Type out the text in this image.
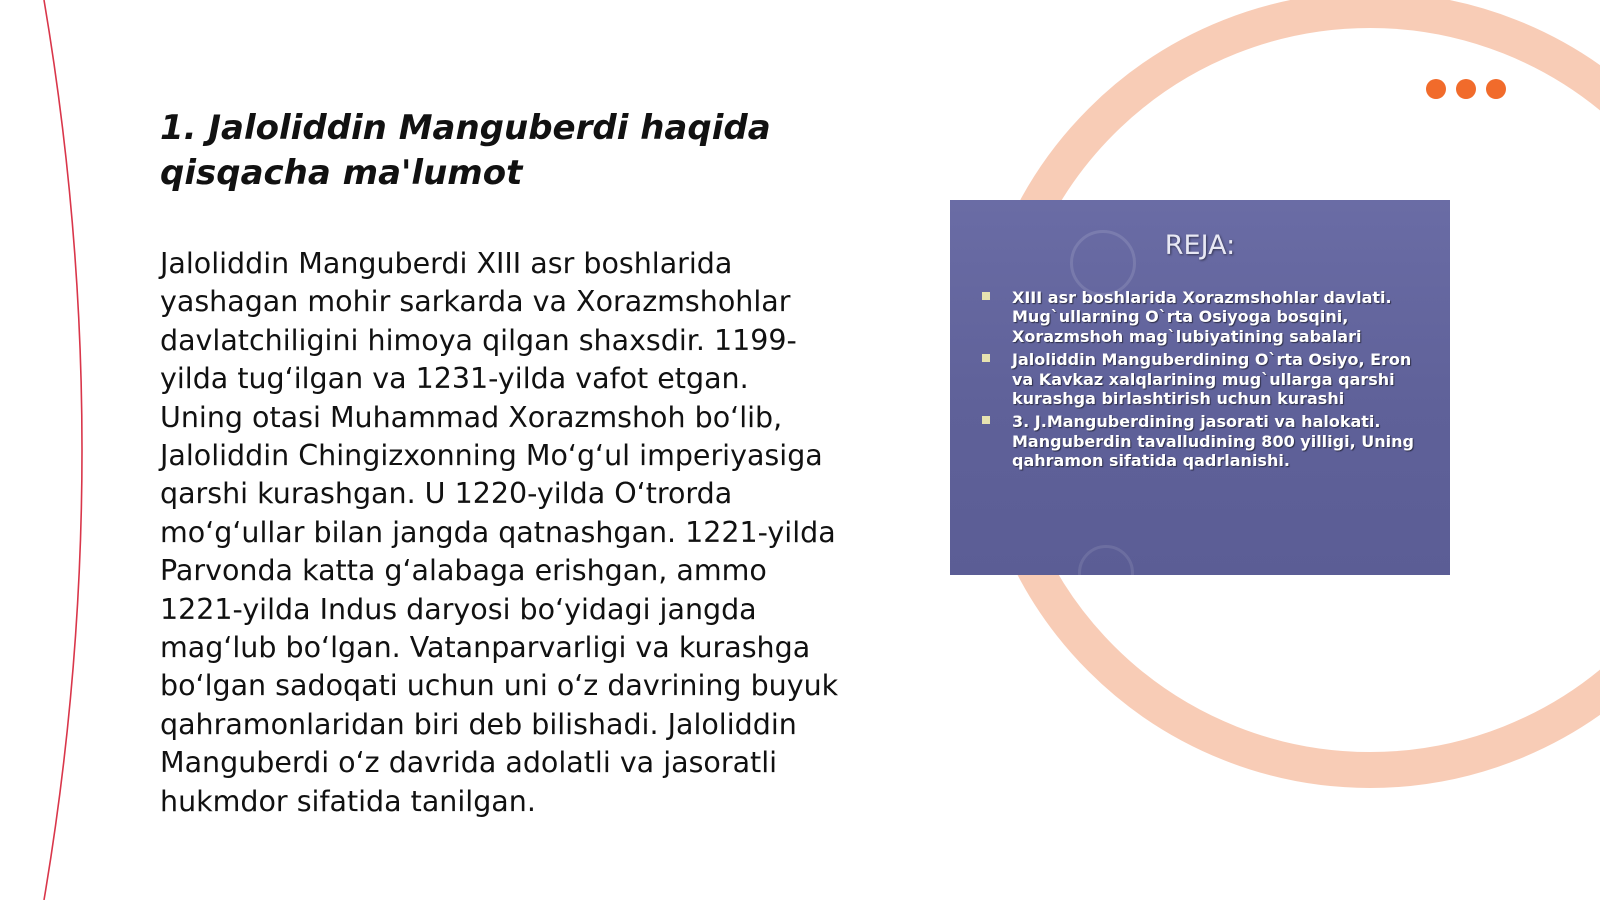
1. Jaloliddin Manguberdi haqida qisqacha ma'lumot
Jaloliddin Manguberdi XIII asr boshlarida yashagan mohir sarkarda va Xorazmshohlar davlatchiligini himoya qilgan shaxsdir. 1199-yilda tug‘ilgan va 1231-yilda vafot etgan. Uning otasi Muhammad Xorazmshoh bo‘lib, Jaloliddin Chingizxonning Mo‘g‘ul imperiyasiga qarshi kurashgan. U 1220-yilda O‘trorda mo‘g‘ullar bilan jangda qatnashgan. 1221-yilda Parvonda katta g‘alabaga erishgan, ammo 1221-yilda Indus daryosi bo‘yidagi jangda mag‘lub bo‘lgan. Vatanparvarligi va kurashga bo‘lgan sadoqati uchun uni o‘z davrining buyuk qahramonlaridan biri deb bilishadi. Jaloliddin Manguberdi o‘z davrida adolatli va jasoratli hukmdor sifatida tanilgan.
REJA:
XIII asr boshlarida Xorazmshohlar davlati. Mug`ullarning O`rta Osiyoga bosqini, Xorazmshoh mag`lubiyatining sabalari
Jaloliddin Manguberdining O`rta Osiyo, Eron va Kavkaz xalqlarining mug`ullarga qarshi kurashga birlashtirish uchun kurashi
3. J.Manguberdining jasorati va halokati. Manguberdin tavalludining 800 yilligi, Uning qahramon sifatida qadrlanishi.
